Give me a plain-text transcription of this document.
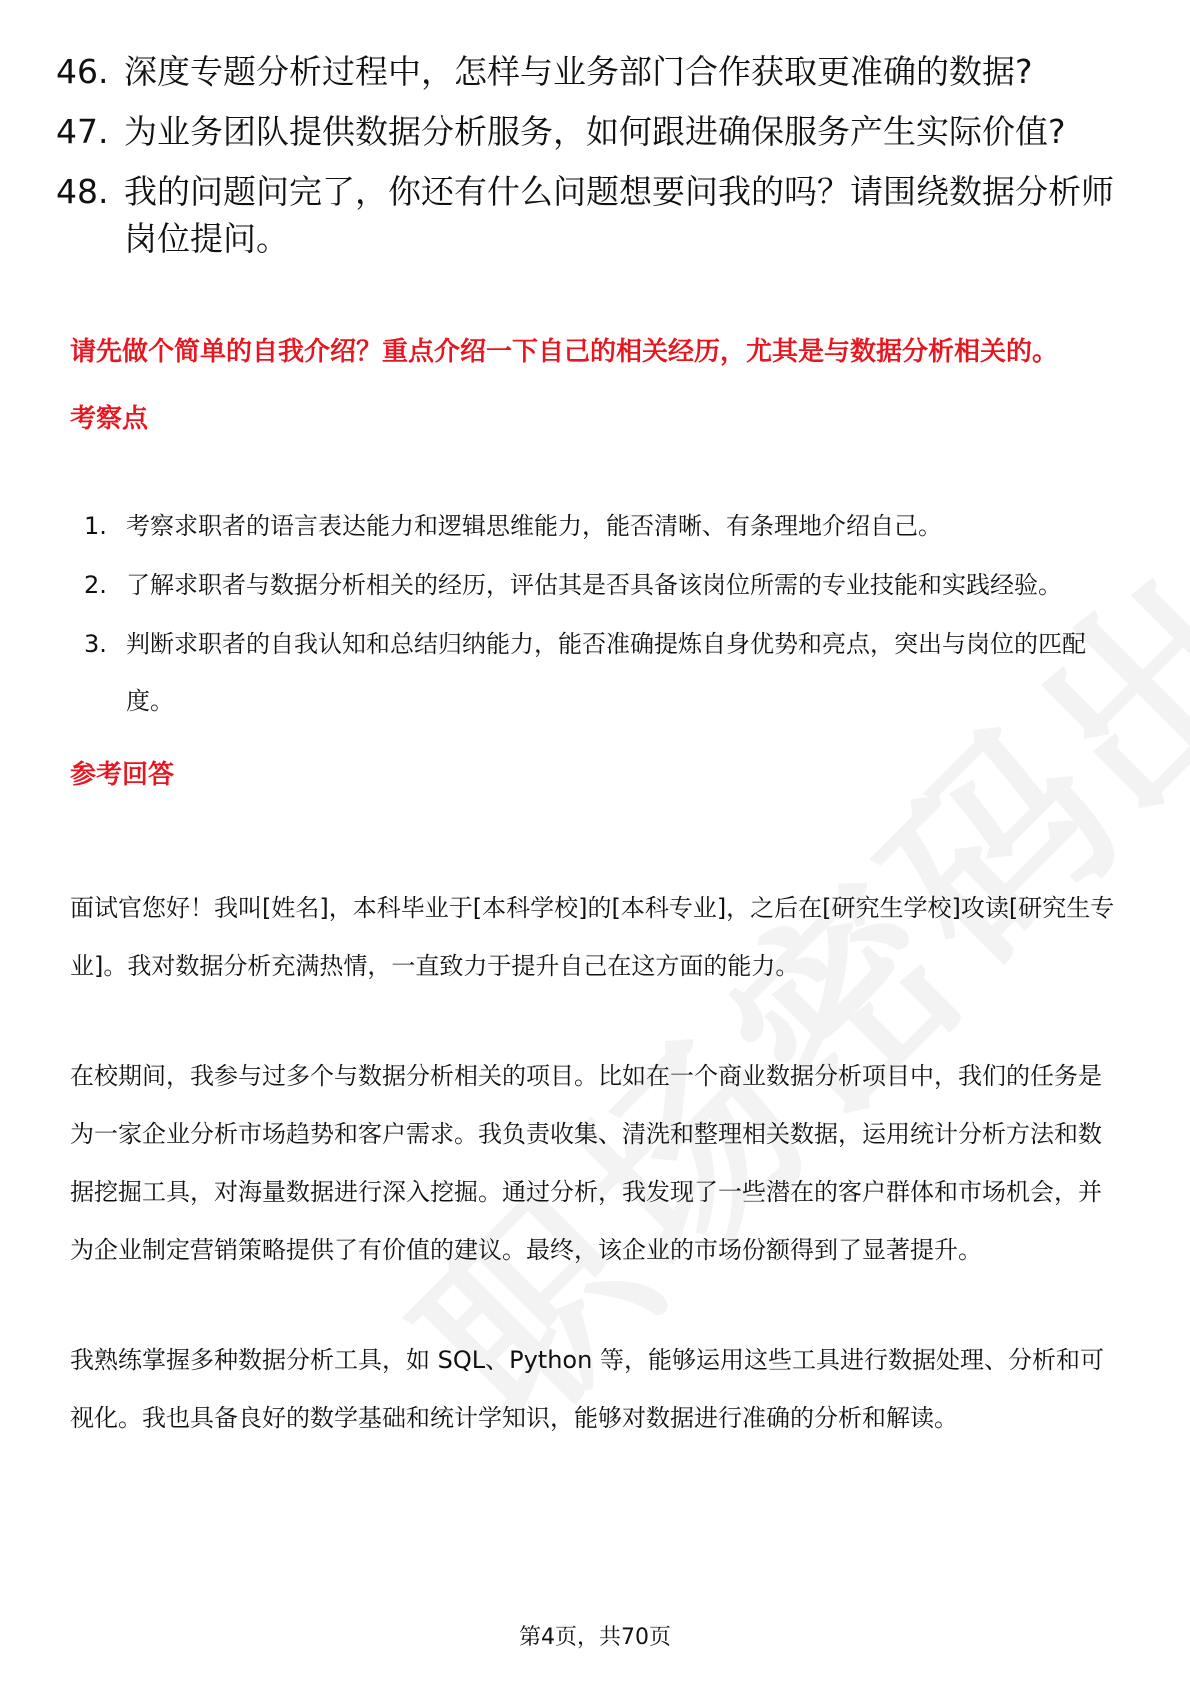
46. 深度专题分析过程中，怎样与业务部门合作获取更准确的数据?
47. 为业务团队提供数据分析服务，如何跟进确保服务产生实际价值?
48. 我的问题问完了，你还有什么问题想要问我的吗？请围绕数据分析师岗位提问。
请先做个简单的自我介绍？重点介绍一下自己的相关经历，尤其是与数据分析相关的。
考察点
1. 考察求职者的语言表达能力和逻辑思维能力，能否清晰、有条理地介绍自己。
2. 了解求职者与数据分析相关的经历，评估其是否具备该岗位所需的专业技能和实践经验。
3. 判断求职者的自我认知和总结归纳能力，能否准确提炼自身优势和亮点，突出与岗位的匹配度。
参考回答

面试官您好！我叫[姓名]，本科毕业于[本科学校]的[本科专业]，之后在[研究生学校]攻读[研究生专业]。我对数据分析充满热情，一直致力于提升自己在这方面的能力。

在校期间，我参与过多个与数据分析相关的项目。比如在一个商业数据分析项目中，我们的任务是为一家企业分析市场趋势和客户需求。我负责收集、清洗和整理相关数据，运用统计分析方法和数据挖掘工具，对海量数据进行深入挖掘。通过分析，我发现了一些潜在的客户群体和市场机会，并为企业制定营销策略提供了有价值的建议。最终，该企业的市场份额得到了显著提升。

我熟练掌握多种数据分析工具，如 SQL、Python 等，能够运用这些工具进行数据处理、分析和可视化。我也具备良好的数学基础和统计学知识，能够对数据进行准确的分析和解读。

第4页，共70页
